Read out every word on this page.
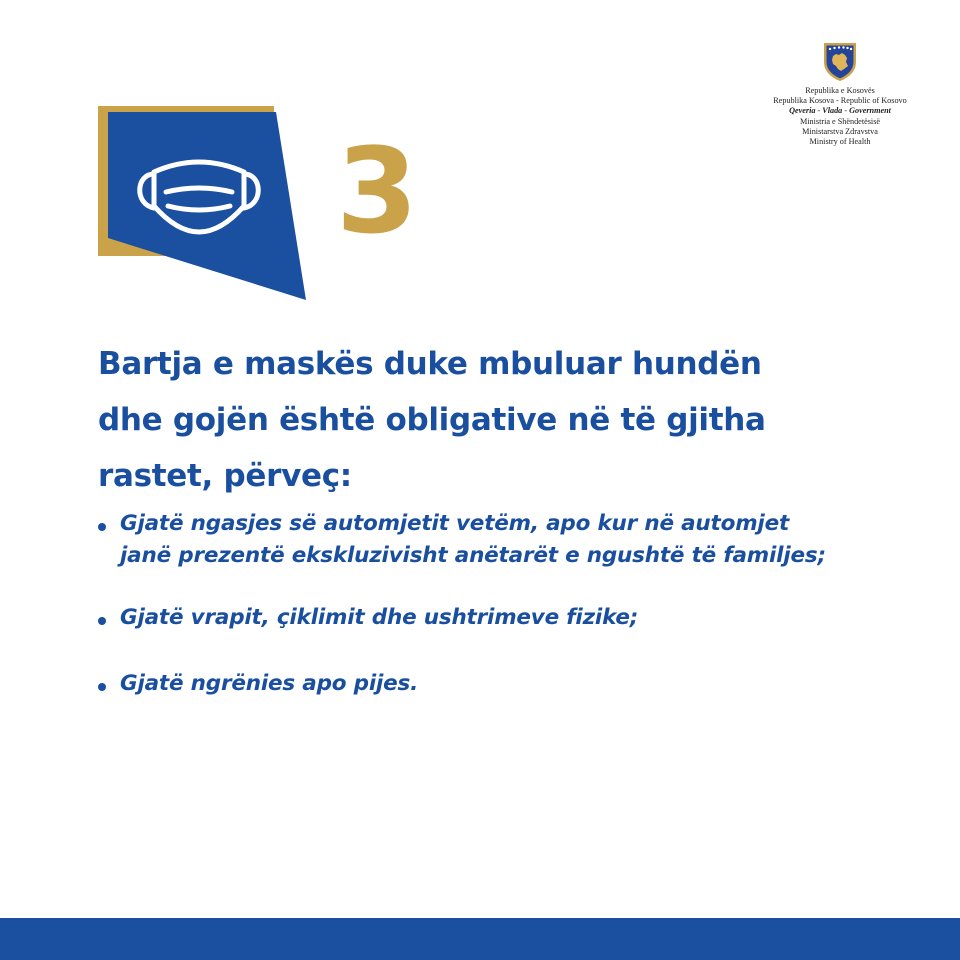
Republika e Kosovës
Republika Kosova - Republic of Kosovo
Qeveria - Vlada - Government
Ministria e Shëndetësisë
Ministarstva Zdravstva
Ministry of Health
3
Bartja e maskës duke mbuluar hundën
dhe gojën është obligative në të gjitha
rastet, përveç:
Gjatë ngasjes së automjetit vetëm, apo kur në automjet
janë prezentë ekskluzivisht anëtarët e ngushtë të familjes;
Gjatë vrapit, çiklimit dhe ushtrimeve fizike;
Gjatë ngrënies apo pijes.
